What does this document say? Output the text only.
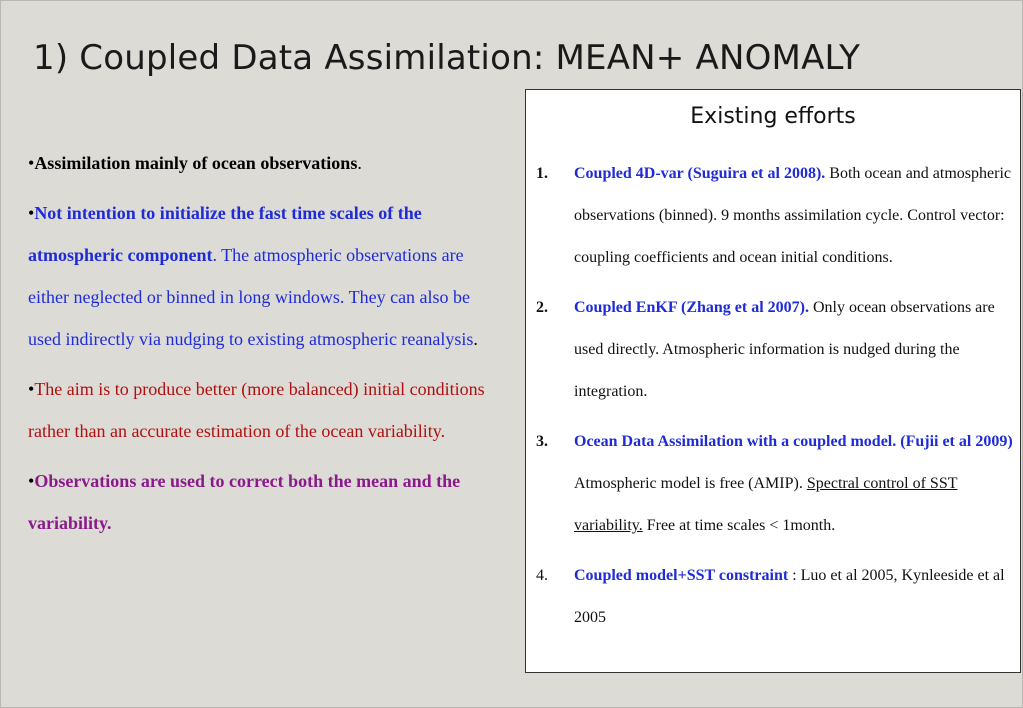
1) Coupled Data Assimilation: MEAN+ ANOMALY

•Assimilation mainly of ocean observations.

•Not intention to initialize the fast time scales of the atmospheric component. The atmospheric observations are either neglected or binned in long windows. They can also be used indirectly via nudging to existing atmospheric reanalysis.

•The aim is to produce better (more balanced) initial conditions rather than an accurate estimation of the ocean variability.

•Observations are used to correct both the mean and the variability.

Existing efforts
1.	Coupled 4D-var (Suguira et al 2008). Both ocean and atmospheric observations (binned). 9 months assimilation cycle. Control vector: coupling coefficients and ocean initial conditions.
2.	Coupled EnKF (Zhang et al 2007). Only ocean observations are used directly. Atmospheric information is nudged during the integration.
3.	Ocean Data Assimilation with a coupled model. (Fujii et al 2009) Atmospheric model is free (AMIP). Spectral control of SST variability. Free at time scales < 1month.
4.	Coupled model+SST constraint : Luo et al 2005, Kynleeside et al 2005
